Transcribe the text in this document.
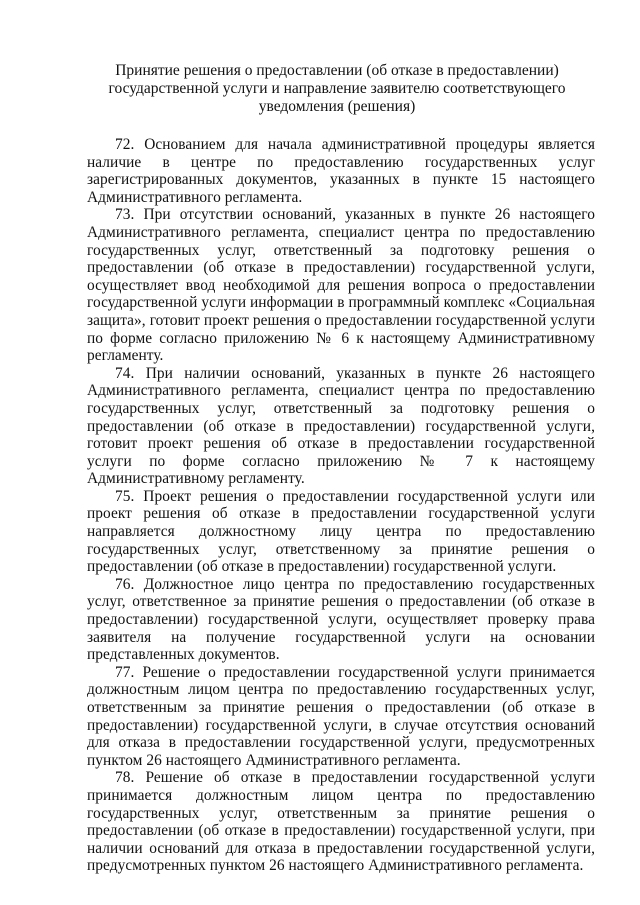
Принятие решения о предоставлении (об отказе в предоставлении)
государственной услуги и направление заявителю соответствующего
уведомления (решения)

72. Основанием для начала административной процедуры является наличие в центре по предоставлению государственных услуг зарегистрированных документов, указанных в пункте 15 настоящего Административного регламента.

73. При отсутствии оснований, указанных в пункте 26 настоящего Административного регламента, специалист центра по предоставлению государственных услуг, ответственный за подготовку решения о предоставлении (об отказе в предоставлении) государственной услуги, осуществляет ввод необходимой для решения вопроса о предоставлении государственной услуги информации в программный комплекс «Социальная защита», готовит проект решения о предоставлении государственной услуги по форме согласно приложению № 6 к настоящему Административному регламенту.

74. При наличии оснований, указанных в пункте 26 настоящего Административного регламента, специалист центра по предоставлению государственных услуг, ответственный за подготовку решения о предоставлении (об отказе в предоставлении) государственной услуги, готовит проект решения об отказе в предоставлении государственной услуги по форме согласно приложению № 7 к настоящему Административному регламенту.

75. Проект решения о предоставлении государственной услуги или проект решения об отказе в предоставлении государственной услуги направляется должностному лицу центра по предоставлению государственных услуг, ответственному за принятие решения о предоставлении (об отказе в предоставлении) государственной услуги.

76. Должностное лицо центра по предоставлению государственных услуг, ответственное за принятие решения о предоставлении (об отказе в предоставлении) государственной услуги, осуществляет проверку права заявителя на получение государственной услуги на основании представленных документов.

77. Решение о предоставлении государственной услуги принимается должностным лицом центра по предоставлению государственных услуг, ответственным за принятие решения о предоставлении (об отказе в предоставлении) государственной услуги, в случае отсутствия оснований для отказа в предоставлении государственной услуги, предусмотренных пунктом 26 настоящего Административного регламента.

78. Решение об отказе в предоставлении государственной услуги принимается должностным лицом центра по предоставлению государственных услуг, ответственным за принятие решения о предоставлении (об отказе в предоставлении) государственной услуги, при наличии оснований для отказа в предоставлении государственной услуги, предусмотренных пунктом 26 настоящего Административного регламента.
